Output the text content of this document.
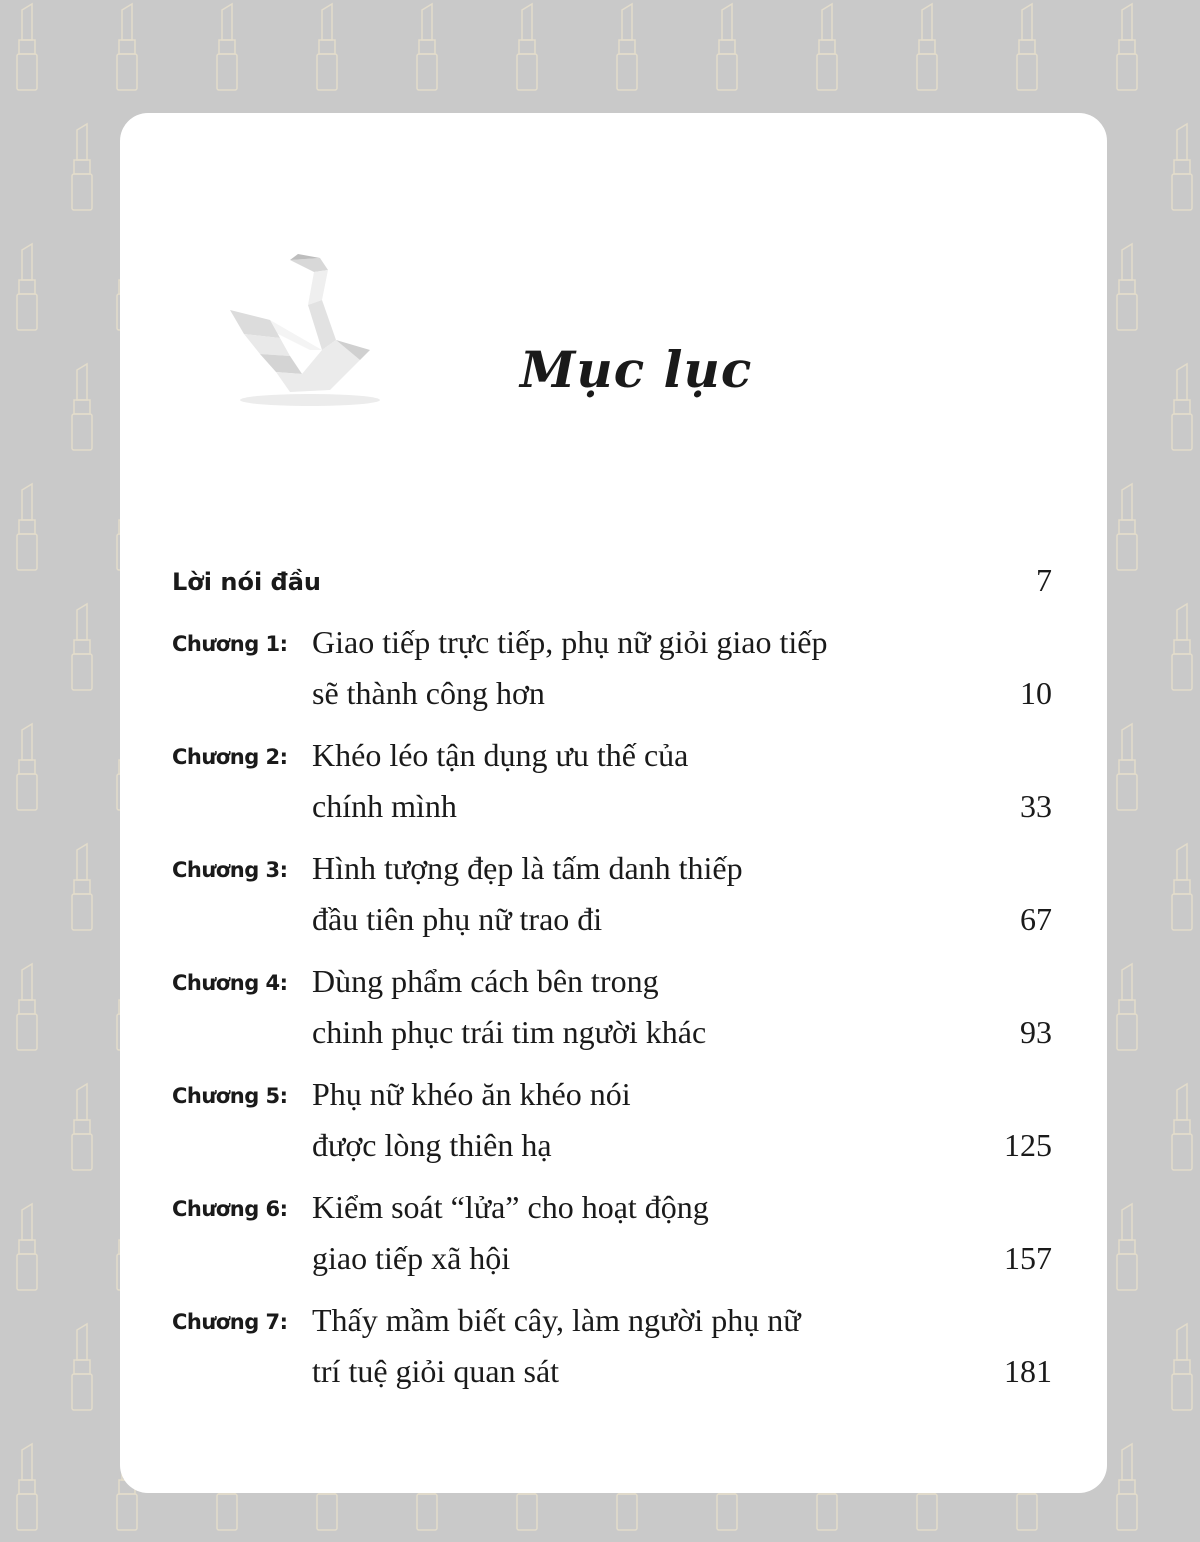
Mục lục
Lời nói đầu	7
Chương 1: Giao tiếp trực tiếp, phụ nữ giỏi giao tiếp
sẽ thành công hơn	10
Chương 2: Khéo léo tận dụng ưu thế của
chính mình	33
Chương 3: Hình tượng đẹp là tấm danh thiếp
đầu tiên phụ nữ trao đi	67
Chương 4: Dùng phẩm cách bên trong
chinh phục trái tim người khác	93
Chương 5: Phụ nữ khéo ăn khéo nói
được lòng thiên hạ	125
Chương 6: Kiểm soát “lửa” cho hoạt động
giao tiếp xã hội	157
Chương 7: Thấy mầm biết cây, làm người phụ nữ
trí tuệ giỏi quan sát	181
